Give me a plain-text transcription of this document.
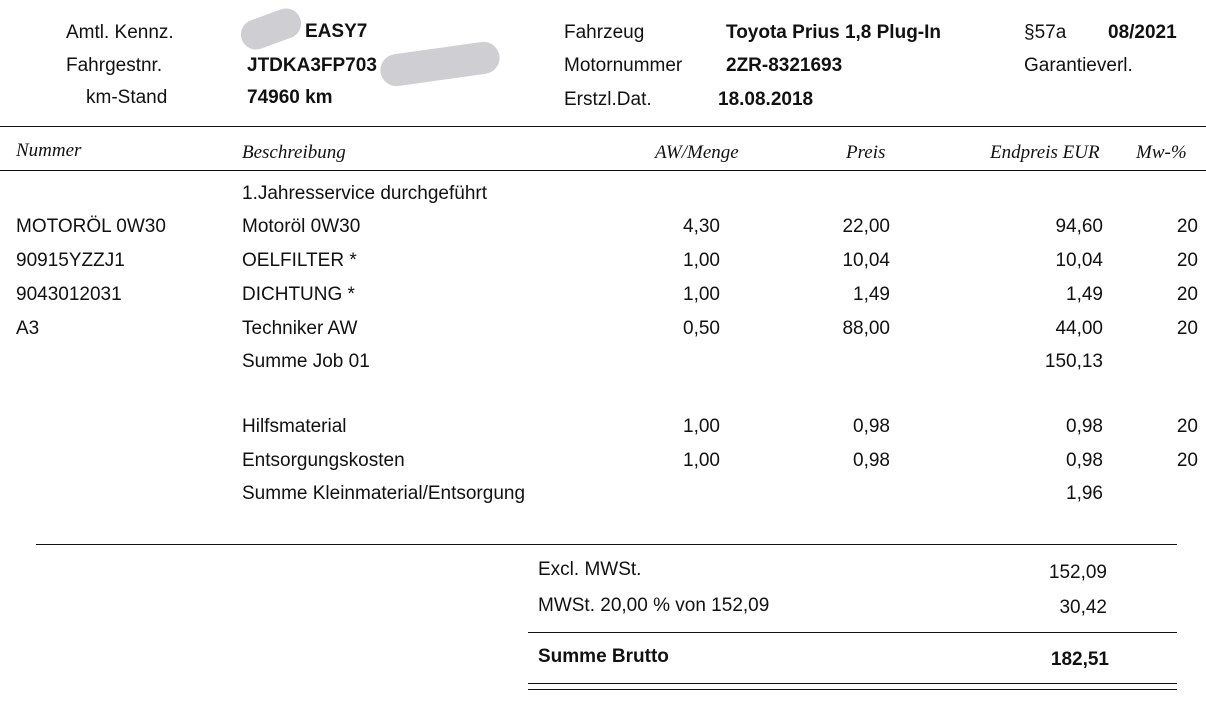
Amtl. Kennz.	EASY7
Fahrgestnr.	JTDKA3FP703
km-Stand	74960 km
Fahrzeug	Toyota Prius 1,8 Plug-In
Motornummer 2ZR-8321693
Erstzl.Dat.	18.08.2018
§57a 08/2021
Garantieverl.
Nummer	Beschreibung	AW/Menge	Preis	Endpreis EUR Mw-%
1.Jahresservice durchgeführt
MOTORÖL 0W30	Motoröl 0W30	4,30	22,00	94,60	20
90915YZZJ1	OELFILTER *	1,00	10,04	10,04	20
9043012031	DICHTUNG *	1,00	1,49	1,49	20
A3	Techniker AW	0,50	88,00	44,00	20
Summe Job 01	150,13
Hilfsmaterial	1,00	0,98	0,98	20
Entsorgungskosten	1,00	0,98	0,98	20
Summe Kleinmaterial/Entsorgung	1,96
Excl. MWSt.	152,09
MWSt. 20,00 % von 152,09	30,42
Summe Brutto	182,51
